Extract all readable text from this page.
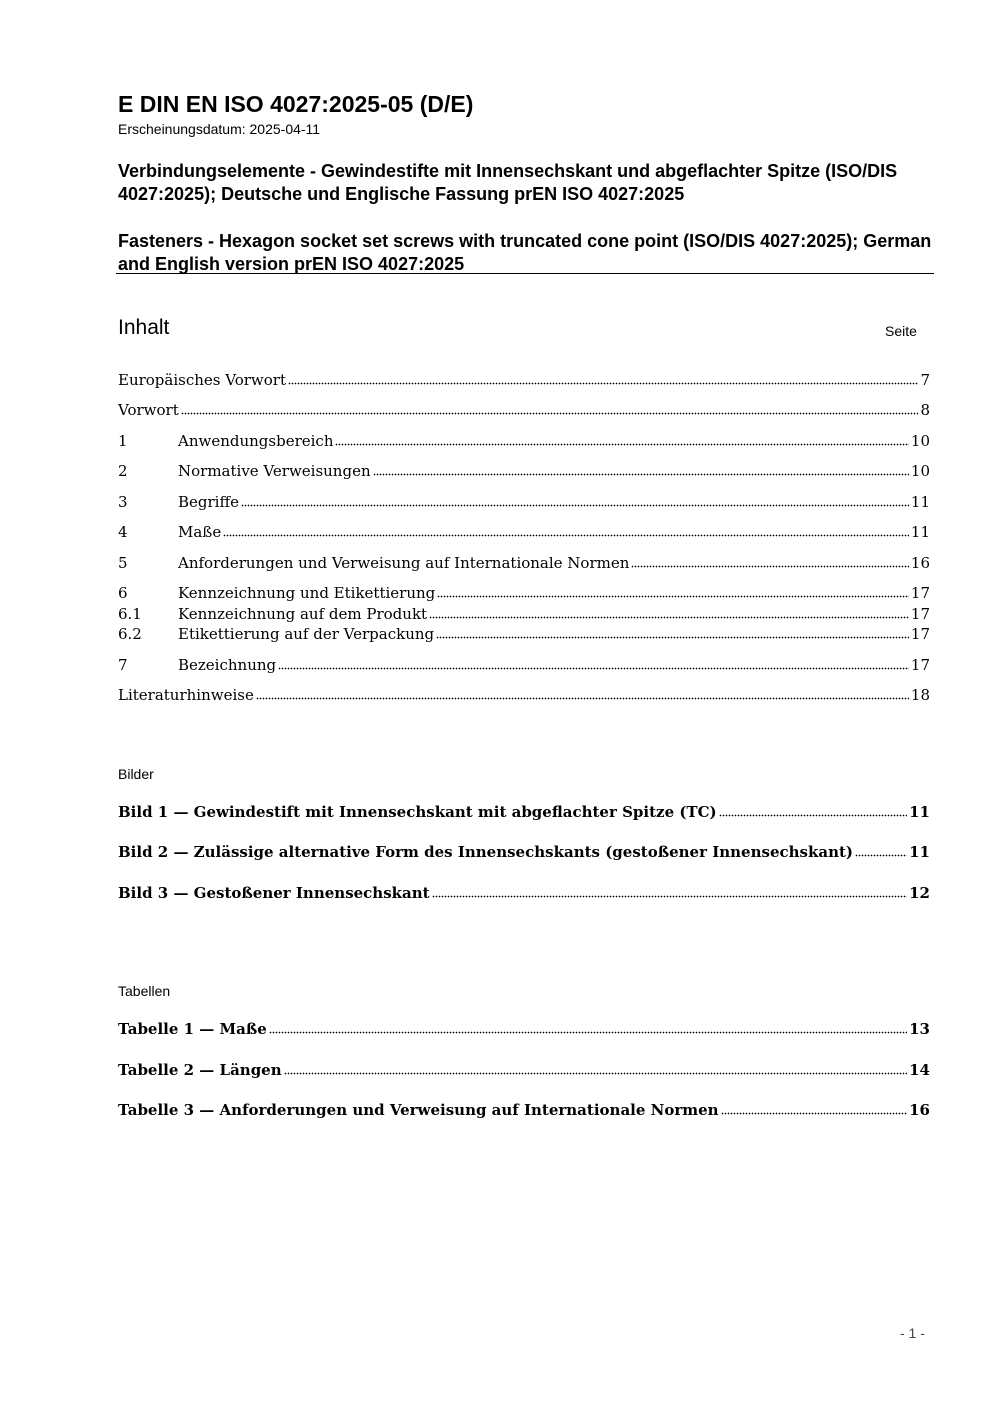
E DIN EN ISO 4027:2025-05 (D/E)
Erscheinungsdatum: 2025-04-11
Verbindungselemente - Gewindestifte mit Innensechskant und abgeflachter Spitze (ISO/DIS 4027:2025); Deutsche und Englische Fassung prEN ISO 4027:2025
Fasteners - Hexagon socket set screws with truncated cone point (ISO/DIS 4027:2025); German and English version prEN ISO 4027:2025
Inhalt	Seite
Europäisches Vorwort	7
Vorwort	8
1	Anwendungsbereich	10
2	Normative Verweisungen	10
3	Begriffe	11
4	Maße	11
5	Anforderungen und Verweisung auf Internationale Normen	16
6	Kennzeichnung und Etikettierung	17
6.1	Kennzeichnung auf dem Produkt	17
6.2	Etikettierung auf der Verpackung	17
7	Bezeichnung	17
Literaturhinweise	18
Bilder
Bild 1 — Gewindestift mit Innensechskant mit abgeflachter Spitze (TC)	11
Bild 2 — Zulässige alternative Form des Innensechskants (gestoßener Innensechskant)	11
Bild 3 — Gestoßener Innensechskant	12
Tabellen
Tabelle 1 — Maße	13
Tabelle 2 — Längen	14
Tabelle 3 — Anforderungen und Verweisung auf Internationale Normen	16
- 1 -
